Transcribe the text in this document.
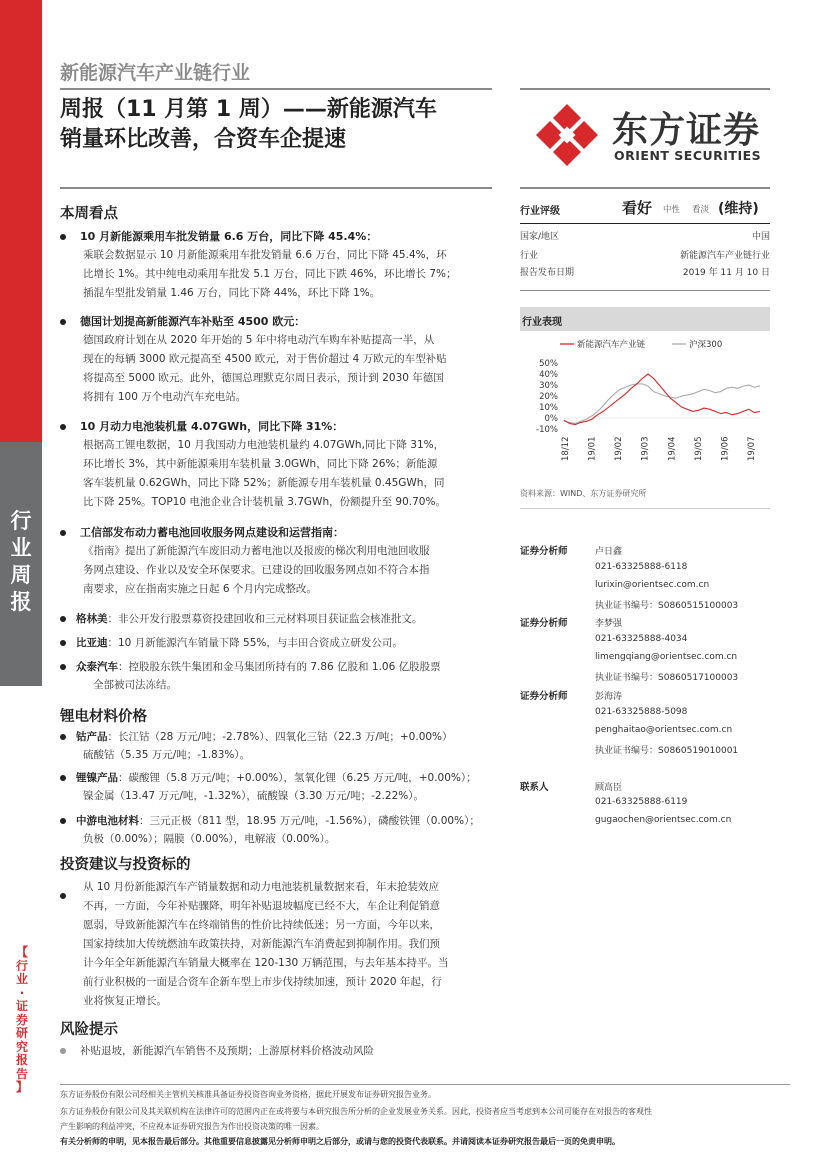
行
业
周
报

【
行
业
·
证
券
研
究
报
告
】

新能源汽车产业链行业
周报（11 月第 1 周）——新能源汽车
销量环比改善，合资车企提速	东方证券
ORIENT SECURITIES
行业评级	看好 中性 看淡 (维持)
国家/地区	中国
行业	新能源汽车产业链行业
报告发布日期	2019 年 11 月 10 日
行业表现
新能源汽车产业链	沪深300
50%
40%
30%
20%
10%
0%
-10%
18/12 19/01 19/02 19/03 19/04 19/05 19/06 19/07
资料来源：WIND、东方证券研究所
证券分析师	卢日鑫
021-63325888-6118
lurixin@orientsec.com.cn
执业证书编号：S0860515100003
证券分析师	李梦强
021-63325888-4034
limengqiang@orientsec.com.cn
执业证书编号：S0860517100003
证券分析师	彭海涛
021-63325888-5098
penghaitao@orientsec.com.cn
执业证书编号：S0860519010001
联系人	顾高臣
021-63325888-6119
gugaochen@orientsec.com.cn
本周看点
10 月新能源乘用车批发销量 6.6 万台，同比下降 45.4%：
乘联会数据显示 10 月新能源乘用车批发销量 6.6 万台，同比下降 45.4%，环
比增长 1%。其中纯电动乘用车批发 5.1 万台，同比下跌 46%，环比增长 7%；
插混车型批发销量 1.46 万台，同比下降 44%，环比下降 1%。
德国计划提高新能源汽车补贴至 4500 欧元：
德国政府计划在从 2020 年开始的 5 年中将电动汽车购车补贴提高一半，从
现在的每辆 3000 欧元提高至 4500 欧元，对于售价超过 4 万欧元的车型补贴
将提高至 5000 欧元。此外，德国总理默克尔周日表示，预计到 2030 年德国
将拥有 100 万个电动汽车充电站。
10 月动力电池装机量 4.07GWh，同比下降 31%：
根据高工锂电数据，10 月我国动力电池装机量约 4.07GWh,同比下降 31%，
环比增长 3%，其中新能源乘用车装机量 3.0GWh，同比下降 26%；新能源
客车装机量 0.62GWh，同比下降 52%；新能源专用车装机量 0.45GWh，同
比下降 25%。TOP10 电池企业合计装机量 3.7GWh，份额提升至 90.70%。
工信部发布动力蓄电池回收服务网点建设和运营指南：
《指南》提出了新能源汽车废旧动力蓄电池以及报废的梯次利用电池回收服
务网点建设、作业以及安全环保要求。已建设的回收服务网点如不符合本指
南要求，应在指南实施之日起 6 个月内完成整改。
格林美：非公开发行股票募资投建回收和三元材料项目获证监会核准批文。
比亚迪：10 月新能源汽车销量下降 55%，与丰田合资成立研发公司。
众泰汽车：控股股东铁牛集团和金马集团所持有的 7.86 亿股和 1.06 亿股股票
全部被司法冻结。
锂电材料价格
钴产品：长江钴（28 万元/吨；-2.78%）、四氧化三钴（22.3 万/吨；+0.00%）
硫酸钴（5.35 万元/吨；-1.83%）。
锂镍产品：碳酸锂（5.8 万元/吨；+0.00%），氢氧化锂（6.25 万元/吨，+0.00%）；
镍金属（13.47 万元/吨，-1.32%），硫酸镍（3.30 万元/吨；-2.22%）。
中游电池材料：三元正极（811 型，18.95 万元/吨，-1.56%），磷酸铁锂（0.00%）；
负极（0.00%）；隔膜（0.00%），电解液（0.00%）。
投资建议与投资标的
从 10 月份新能源汽车产销量数据和动力电池装机量数据来看，年末抢装效应
不再，一方面，今年补贴骤降，明年补贴退坡幅度已经不大，车企让利促销意
愿弱，导致新能源汽车在终端销售的性价比持续低迷；另一方面，今年以来，
国家持续加大传统燃油车政策扶持，对新能源汽车消费起到抑制作用。我们预
计今年全年新能源汽车销量大概率在 120-130 万辆范围，与去年基本持平。当
前行业积极的一面是合资车企新车型上市步伐持续加速，预计 2020 年起，行
业将恢复正增长。
风险提示
补贴退坡，新能源汽车销售不及预期；上游原材料价格波动风险
东方证券股份有限公司经相关主管机关核准具备证券投资咨询业务资格，据此开展发布证券研究报告业务。
东方证券股份有限公司及其关联机构在法律许可的范围内正在或将要与本研究报告所分析的企业发展业务关系。因此，投资者应当考虑到本公司可能存在对报告的客观性
产生影响的利益冲突，不应视本证券研究报告为作出投资决策的唯一因素。
有关分析师的申明，见本报告最后部分。其他重要信息披露见分析师申明之后部分，或请与您的投资代表联系。并请阅读本证券研究报告最后一页的免责申明。
